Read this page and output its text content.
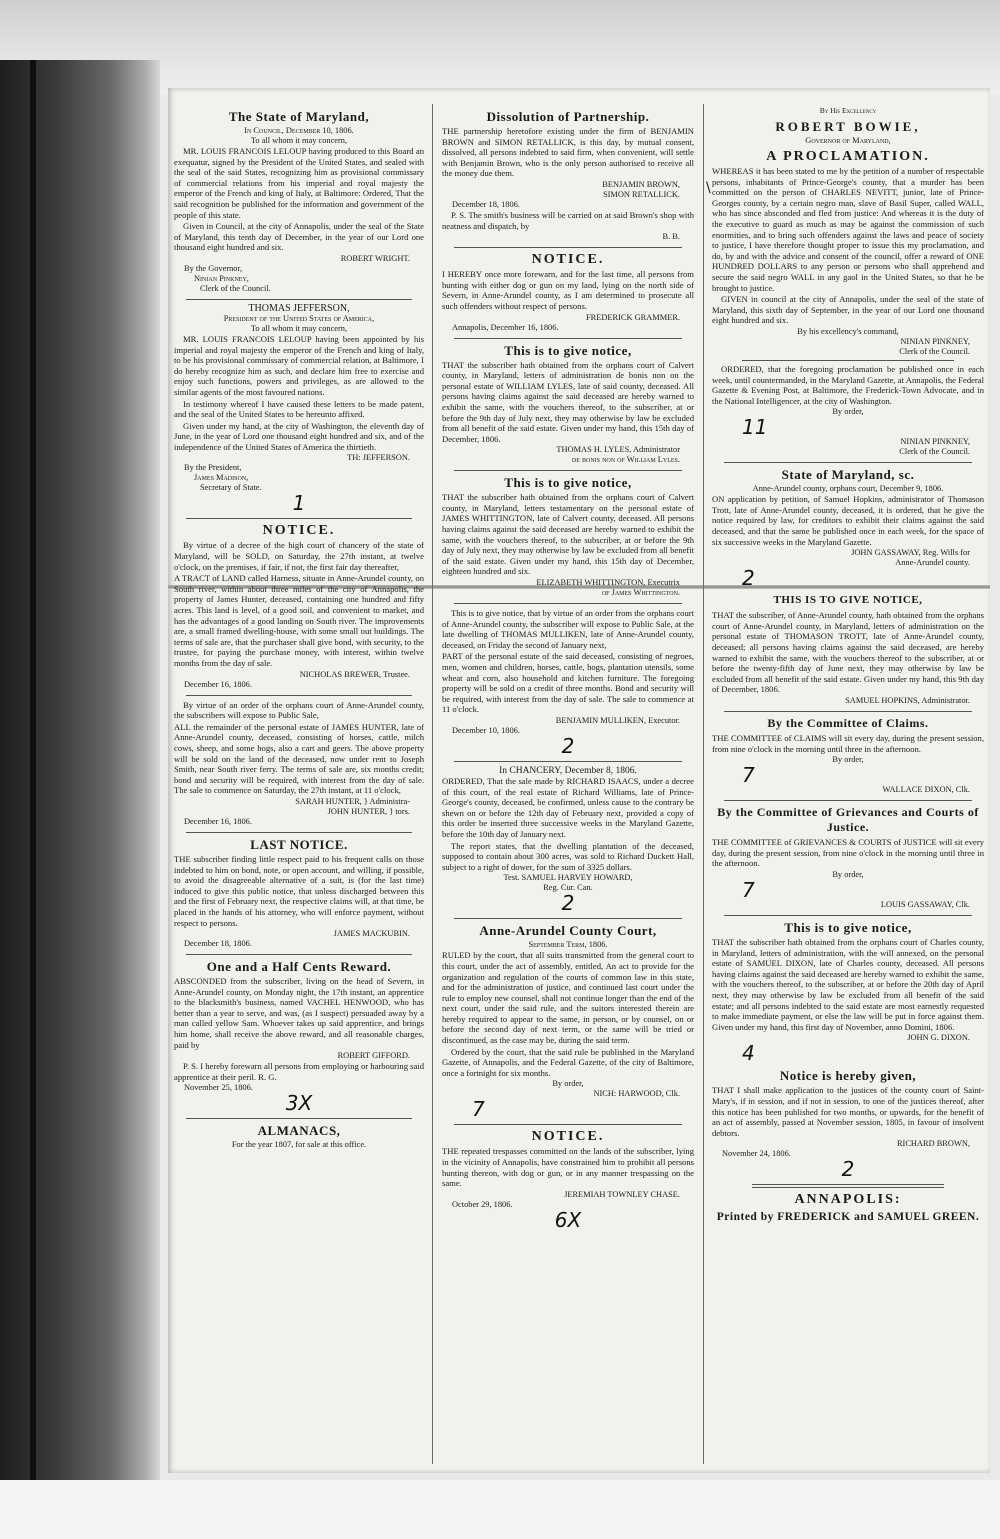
The State of Maryland,
In Council, December 10, 1806.
To all whom it may concern,

MR. LOUIS FRANCOIS LELOUP having produced to this Board an exequatur, signed by the President of the United States, and sealed with the seal of the said States, recognizing him as provisional commissary of commercial relations from his imperial and royal majesty the emperor of the French and king of Italy, at Baltimore: Ordered, That the said recognition be published for the information and government of the people of this state.

Given in Council, at the city of Annapolis, under the seal of the State of Maryland, this tenth day of December, in the year of our Lord one thousand eight hundred and six.

ROBERT WRIGHT.
By the Governor,
Ninian Pinkney,
Clerk of the Council.
THOMAS JEFFERSON,
President of the United States of America,
To all whom it may concern,

MR. LOUIS FRANCOIS LELOUP having been appointed by his imperial and royal majesty the emperor of the French and king of Italy, to be his provisional commissary of commercial relation, at Baltimore, I do hereby recognize him as such, and declare him free to exercise and enjoy such functions, powers and privileges, as are allowed to the similar agents of the most favoured nations.

In testimony whereof I have caused these letters to be made patent, and the seal of the United States to be hereunto affixed.

Given under my hand, at the city of Washington, the eleventh day of June, in the year of Lord one thousand eight hundred and six, and of the independence of the United States of America the thirtieth.

TH: JEFFERSON.
By the President,
James Madison,
Secretary of State.
1
NOTICE.

By virtue of a decree of the high court of chancery of the state of Maryland, will be SOLD, on Saturday, the 27th instant, at twelve o'clock, on the premises, if fair, if not, the first fair day thereafter,

A TRACT of LAND called Harness, situate in Anne-Arundel county, on South river, within about three miles of the city of Annapolis, the property of James Hunter, deceased, containing one hundred and fifty acres. This land is level, of a good soil, and convenient to market, and has the advantages of a good landing on South river. The improvements are, a small framed dwelling-house, with some small out buildings. The terms of sale are, that the purchaser shall give bond, with security, to the trustee, for paying the purchase money, with interest, within twelve months from the day of sale.

NICHOLAS BREWER, Trustee.
December 16, 1806.

By virtue of an order of the orphans court of Anne-Arundel county, the subscribers will expose to Public Sale,

ALL the remainder of the personal estate of JAMES HUNTER, late of Anne-Arundel county, deceased, consisting of horses, cattle, milch cows, sheep, and some hogs, also a cart and geers. The above property will be sold on the land of the deceased, now under rent to Joseph Smith, near South river ferry. The terms of sale are, six months credit; bond and security will be required, with interest from the day of sale. The sale to commence on Saturday, the 27th instant, at 11 o'clock,

SARAH HUNTER, } Administra-
JOHN HUNTER, } tors.
December 16, 1806.
LAST NOTICE.

THE subscriber finding little respect paid to his frequent calls on those indebted to him on bond, note, or open account, and willing, if possible, to avoid the disagreeable alternative of a suit, is (for the last time) induced to give this public notice, that unless discharged between this and the first of February next, the respective claims will, at that time, be placed in the hands of his attorney, who will enforce payment, without respect to persons.

JAMES MACKUBIN.
December 18, 1806.
One and a Half Cents Reward.

ABSCONDED from the subscriber, living on the head of Severn, in Anne-Arundel county, on Monday night, the 17th instant, an apprentice to the blacksmith's business, named VACHEL HENWOOD, who has better than a year to serve, and was, (as I suspect) persuaded away by a man called yellow Sam. Whoever takes up said apprentice, and brings him home, shall receive the above reward, and all reasonable charges, paid by

ROBERT GIFFORD.

P. S. I hereby forewarn all persons from employing or harbouring said apprentice at their peril. R. G.

November 25, 1806.
3X
ALMANACS,
For the year 1807, for sale at this office.
Dissolution of Partnership.

THE partnership heretofore existing under the firm of BENJAMIN BROWN and SIMON RETALLICK, is this day, by mutual consent, dissolved, all persons indebted to said firm, when convenient, will settle with Benjamin Brown, who is the only person authorised to receive all the money due them.

BENJAMIN BROWN,
SIMON RETALLICK.
December 18, 1806.

P. S. The smith's business will be carried on at said Brown's shop with neatness and dispatch, by

B. B.
NOTICE.

I HEREBY once more forewarn, and for the last time, all persons from hunting with either dog or gun on my land, lying on the north side of Severn, in Anne-Arundel county, as I am determined to prosecute all such offenders without respect of persons.

FREDERICK GRAMMER.
Annapolis, December 16, 1806.
This is to give notice,

THAT the subscriber hath obtained from the orphans court of Calvert county, in Maryland, letters of administration de bonis non on the personal estate of WILLIAM LYLES, late of said county, deceased. All persons having claims against the said deceased are hereby warned to exhibit the same, with the vouchers thereof, to the subscriber, at or before the 9th day of July next, they may otherwise by law be excluded from all benefit of the said estate. Given under my hand, this 15th day of December, 1806.

THOMAS H. LYLES, Administrator
de bonis non of William Lyles.
This is to give notice,

THAT the subscriber hath obtained from the orphans court of Calvert county, in Maryland, letters testamentary on the personal estate of JAMES WHITTINGTON, late of Calvert county, deceased. All persons having claims against the said deceased are hereby warned to exhibit the same, with the vouchers thereof, to the subscriber, at or before the 9th day of July next, they may otherwise by law be excluded from all benefit of the said estate. Given under my hand, this 15th day of December, eighteen hundred and six.

ELIZABETH WHITTINGTON, Executrix
of James Whittington.

This is to give notice, that by virtue of an order from the orphans court of Anne-Arundel county, the subscriber will expose to Public Sale, at the late dwelling of THOMAS MULLIKEN, late of Anne-Arundel county, deceased, on Friday the second of January next,

PART of the personal estate of the said deceased, consisting of negroes, men, women and children, horses, cattle, hogs, plantation utensils, some wheat and corn, also household and kitchen furniture. The foregoing property will be sold on a credit of three months. Bond and security will be required, with interest from the day of sale. The sale to commence at 11 o'clock.

BENJAMIN MULLIKEN, Executor.
December 10, 1806.
2
In CHANCERY, December 8, 1806.

ORDERED, That the sale made by RICHARD ISAACS, under a decree of this court, of the real estate of Richard Williams, late of Prince-George's county, deceased, be confirmed, unless cause to the contrary be shewn on or before the 12th day of February next, provided a copy of this order be inserted three successive weeks in the Maryland Gazette, before the 10th day of January next.

The report states, that the dwelling plantation of the deceased, supposed to contain about 300 acres, was sold to Richard Duckett Hall, subject to a right of dower, for the sum of 3325 dollars.

Test. SAMUEL HARVEY HOWARD,
Reg. Cur. Can.
2
Anne-Arundel County Court,
September Term, 1806.

RULED by the court, that all suits transmitted from the general court to this court, under the act of assembly, entitled, An act to provide for the organization and regulation of the courts of common law in this state, and for the administration of justice, and continued last court under the rule to employ new counsel, shall not continue longer than the end of the next court, under the said rule, and the suitors interested therein are hereby required to appear to the same, in person, or by counsel, on or before the second day of next term, or the same will be tried or discontinued, as the case may be, during the said term.

Ordered by the court, that the said rule be published in the Maryland Gazette, of Annapolis, and the Federal Gazette, of the city of Baltimore, once a fortnight for six months.

By order,
NICH: HARWOOD, Clk.
7
NOTICE.

THE repeated trespasses committed on the lands of the subscriber, lying in the vicinity of Annapolis, have constrained him to prohibit all persons hunting thereon, with dog or gun, or in any manner trespassing on the same.

JEREMIAH TOWNLEY CHASE.
October 29, 1806.
6X
By His Excellency
ROBERT BOWIE,
Governor of Maryland,
A PROCLAMATION.

WHEREAS it has been stated to me by the petition of a number of respectable persons, inhabitants of Prince-George's county, that a murder has been committed on the person of CHARLES NEVITT, junior, late of Prince-Georges county, by a certain negro man, slave of Basil Super, called WALL, who has since absconded and fled from justice: And whereas it is the duty of the executive to guard as much as may be against the commission of such enormities, and to bring such offenders against the laws and peace of society to justice, I have therefore thought proper to issue this my proclamation, and do, by and with the advice and consent of the council, offer a reward of ONE HUNDRED DOLLARS to any person or persons who shall apprehend and secure the said negro WALL in any gaol in the United States, so that he be brought to justice.

GIVEN in council at the city of Annapolis, under the seal of the state of Maryland, this sixth day of September, in the year of our Lord one thousand eight hundred and six.

By his excellency's command,
NINIAN PINKNEY,
Clerk of the Council.

ORDERED, that the foregoing proclamation be published once in each week, until countermanded, in the Maryland Gazette, at Annapolis, the Federal Gazette & Evening Post, at Baltimore, the Frederick-Town Advocate, and in the National Intelligencer, at the city of Washington.

By order,
11
NINIAN PINKNEY,
Clerk of the Council.
State of Maryland, sc.
Anne-Arundel county, orphans court, December 9, 1806.

ON application by petition, of Samuel Hopkins, administrator of Thomason Trott, late of Anne-Arundel county, deceased, it is ordered, that he give the notice required by law, for creditors to exhibit their claims against the said deceased, and that the same be published once in each week, for the space of six successive weeks in the Maryland Gazette.

JOHN GASSAWAY, Reg. Wills for
Anne-Arundel county.
2
THIS IS TO GIVE NOTICE,

THAT the subscriber, of Anne-Arundel county, hath obtained from the orphans court of Anne-Arundel county, in Maryland, letters of administration on the personal estate of THOMASON TROTT, late of Anne-Arundel county, deceased; all persons having claims against the said deceased, are hereby warned to exhibit the same, with the vouchers thereof to the subscriber, at or before the twenty-fifth day of June next, they may otherwise by law be excluded from all benefit of the said estate. Given under my hand, this 9th day of December, 1806.

SAMUEL HOPKINS, Administrator.
By the Committee of Claims.

THE COMMITTEE of CLAIMS will sit every day, during the present session, from nine o'clock in the morning until three in the afternoon.

By order,
7
WALLACE DIXON, Clk.
By the Committee of Grievances and Courts of Justice.

THE COMMITTEE of GRIEVANCES & COURTS of JUSTICE will sit every day, during the present session, from nine o'clock in the morning until three in the afternoon.

By order,
7
LOUIS GASSAWAY, Clk.
This is to give notice,

THAT the subscriber hath obtained from the orphans court of Charles county, in Maryland, letters of administration, with the will annexed, on the personal estate of SAMUEL DIXON, late of Charles county, deceased. All persons having claims against the said deceased are hereby warned to exhibit the same, with the vouchers thereof, to the subscriber, at or before the 20th day of April next, they may otherwise by law be excluded from all benefit of the said estate; and all persons indebted to the said estate are most earnestly requested to make immediate payment, or else the law will be put in force against them. Given under my hand, this first day of November, anno Domini, 1806.

JOHN G. DIXON.
4
Notice is hereby given,

THAT I shall make application to the justices of the county court of Saint-Mary's, if in session, and if not in session, to one of the justices thereof, after this notice has been published for two months, or upwards, for the benefit of an act of assembly, passed at November session, 1805, in favour of insolvent debtors.

RICHARD BROWN,
November 24, 1806.
2
ANNAPOLIS:
Printed by FREDERICK and SAMUEL GREEN.
\
